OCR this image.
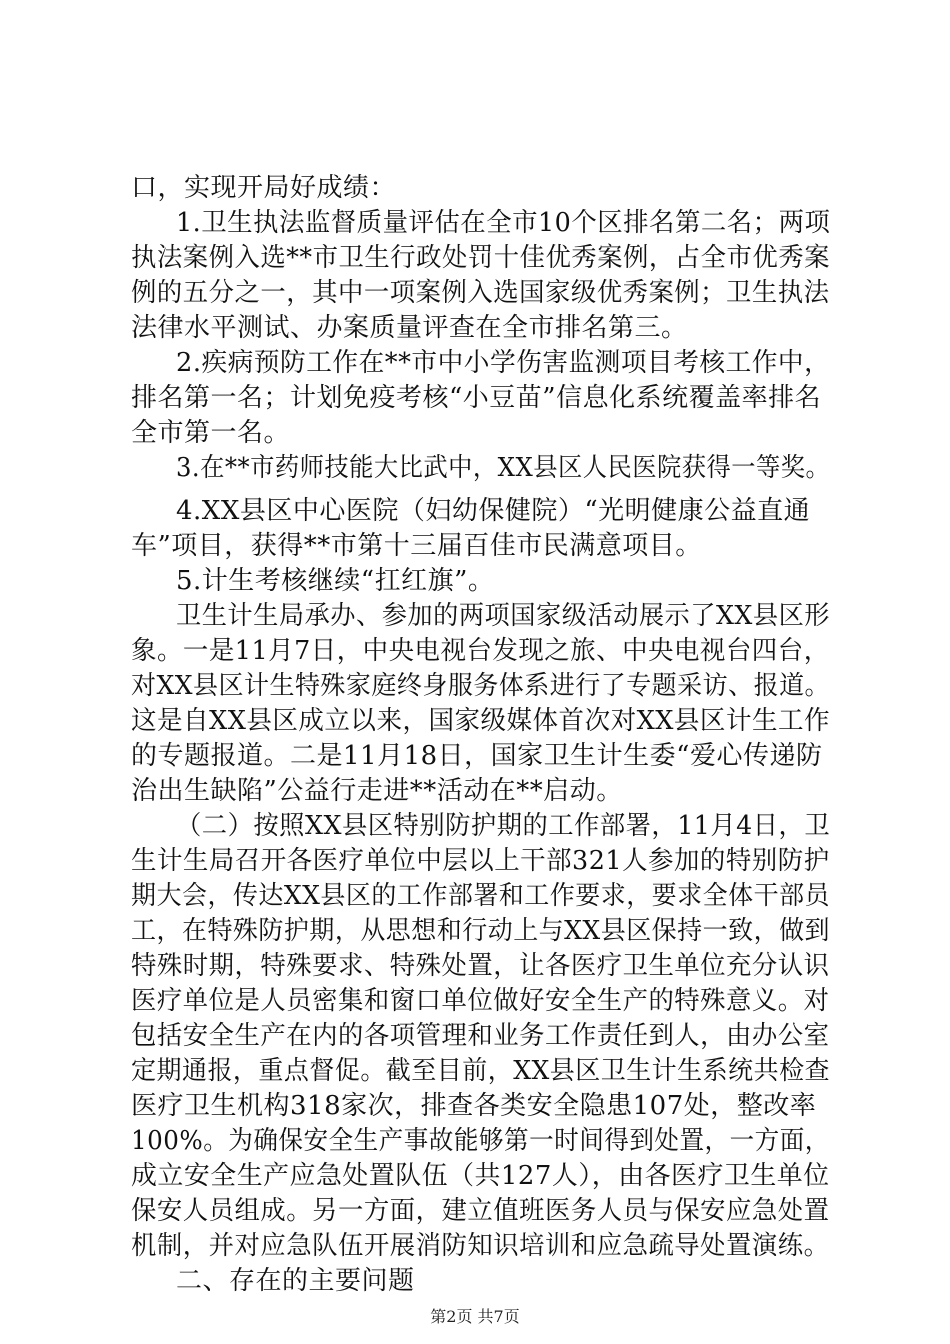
口，实现开局好成绩：
1.卫生执法监督质量评估在全市10个区排名第二名；两项
执法案例入选**市卫生行政处罚十佳优秀案例，占全市优秀案
例的五分之一，其中一项案例入选国家级优秀案例；卫生执法
法律水平测试、办案质量评查在全市排名第三。
2.疾病预防工作在**市中小学伤害监测项目考核工作中，
排名第一名；计划免疫考核“小豆苗”信息化系统覆盖率排名
全市第一名。
3.在**市药师技能大比武中，XX县区人民医院获得一等奖。
4.XX县区中心医院（妇幼保健院）“光明健康公益直通
车”项目，获得**市第十三届百佳市民满意项目。
5.计生考核继续“扛红旗”。
卫生计生局承办、参加的两项国家级活动展示了XX县区形
象。一是11月7日，中央电视台发现之旅、中央电视台四台，
对XX县区计生特殊家庭终身服务体系进行了专题采访、报道。
这是自XX县区成立以来，国家级媒体首次对XX县区计生工作
的专题报道。二是11月18日，国家卫生计生委“爱心传递防
治出生缺陷”公益行走进**活动在**启动。
（二）按照XX县区特别防护期的工作部署，11月4日，卫
生计生局召开各医疗单位中层以上干部321人参加的特别防护
期大会，传达XX县区的工作部署和工作要求，要求全体干部员
工，在特殊防护期，从思想和行动上与XX县区保持一致，做到
特殊时期，特殊要求、特殊处置，让各医疗卫生单位充分认识
医疗单位是人员密集和窗口单位做好安全生产的特殊意义。对
包括安全生产在内的各项管理和业务工作责任到人，由办公室
定期通报，重点督促。截至目前，XX县区卫生计生系统共检查
医疗卫生机构318家次，排查各类安全隐患107处，整改率
100%。为确保安全生产事故能够第一时间得到处置，一方面，
成立安全生产应急处置队伍（共127人），由各医疗卫生单位
保安人员组成。另一方面，建立值班医务人员与保安应急处置
机制，并对应急队伍开展消防知识培训和应急疏导处置演练。
二、存在的主要问题
第2页 共7页
